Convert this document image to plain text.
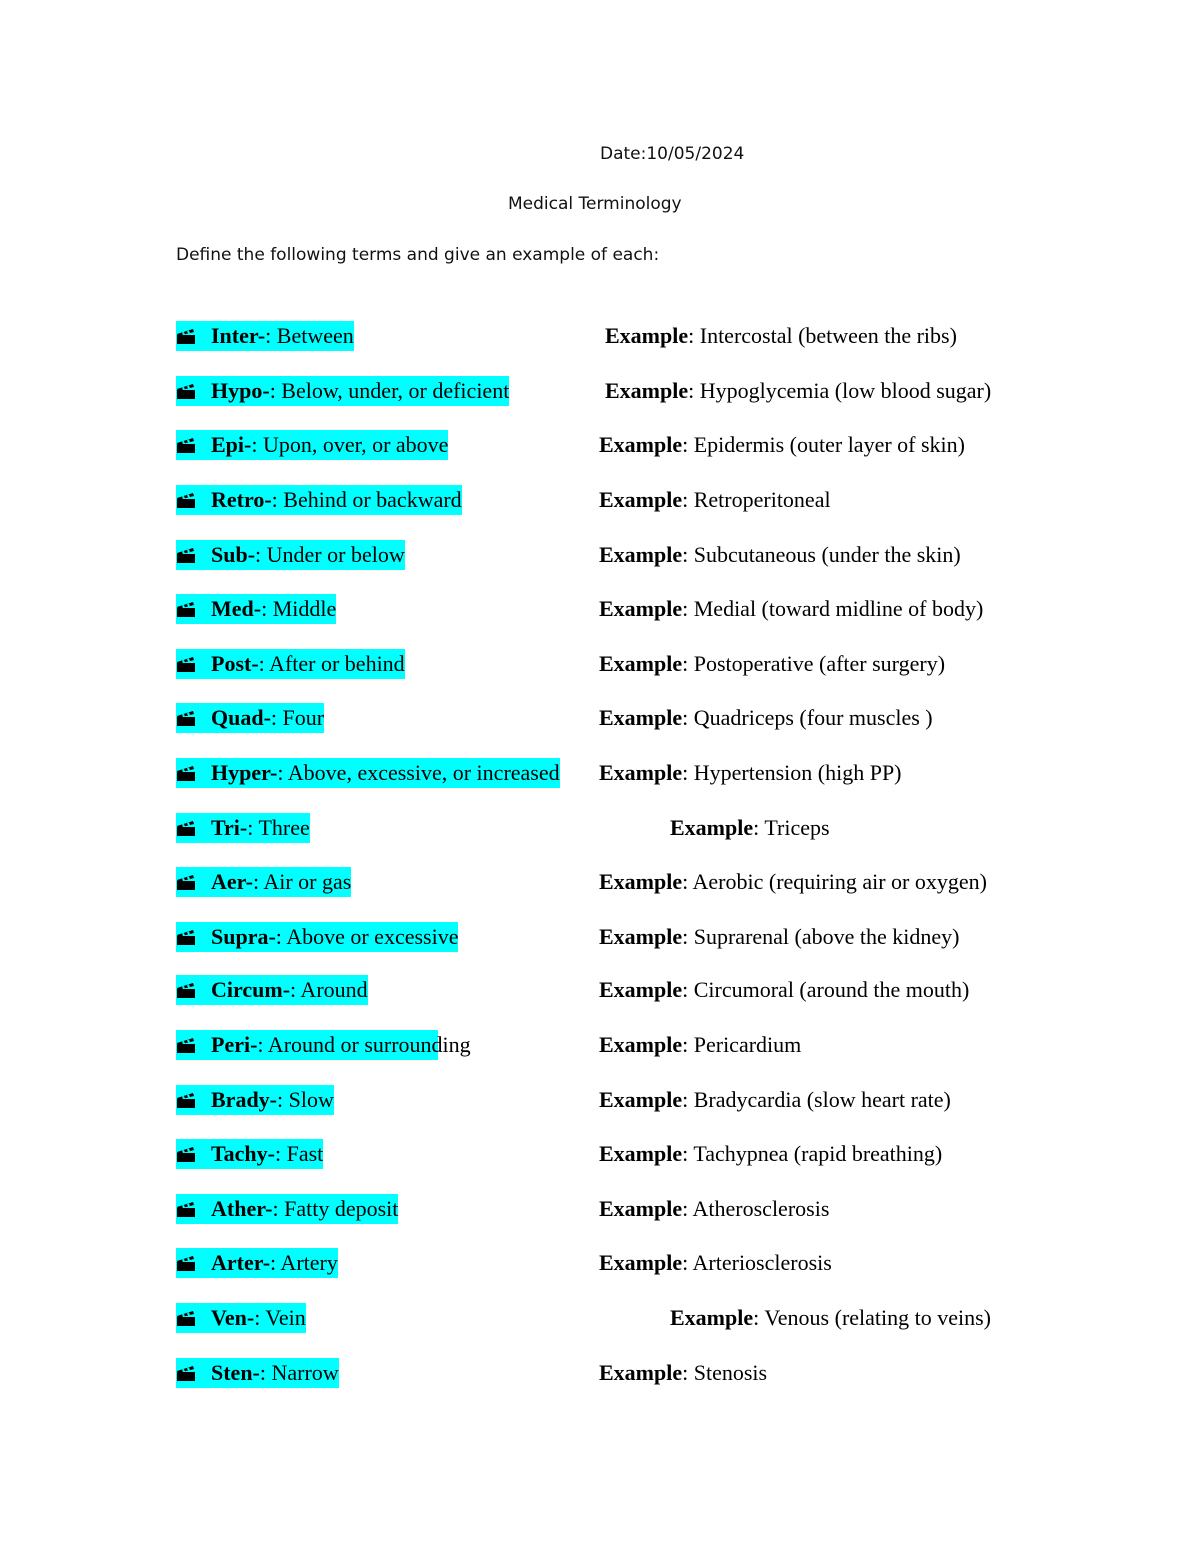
Date:10/05/2024
Medical Terminology
Define the following terms and give an example of each:
Inter-: Between	Example: Intercostal (between the ribs)
Hypo-: Below, under, or deficient	Example: Hypoglycemia (low blood sugar)
Epi-: Upon, over, or above	Example: Epidermis (outer layer of skin)
Retro-: Behind or backward	Example: Retroperitoneal
Sub-: Under or below	Example: Subcutaneous (under the skin)
Med-: Middle	Example: Medial (toward midline of body)
Post-: After or behind	Example: Postoperative (after surgery)
Quad-: Four	Example: Quadriceps (four muscles )
Hyper-: Above, excessive, or increased Example: Hypertension (high PP)
Tri-: Three	Example: Triceps
Aer-: Air or gas	Example: Aerobic (requiring air or oxygen)
Supra-: Above or excessive	Example: Suprarenal (above the kidney)
Circum-: Around	Example: Circumoral (around the mouth)
Peri-: Around or surrounding	Example: Pericardium
Brady-: Slow	Example: Bradycardia (slow heart rate)
Tachy-: Fast	Example: Tachypnea (rapid breathing)
Ather-: Fatty deposit	Example: Atherosclerosis
Arter-: Artery	Example: Arteriosclerosis
Ven-: Vein	Example: Venous (relating to veins)
Sten-: Narrow	Example: Stenosis
